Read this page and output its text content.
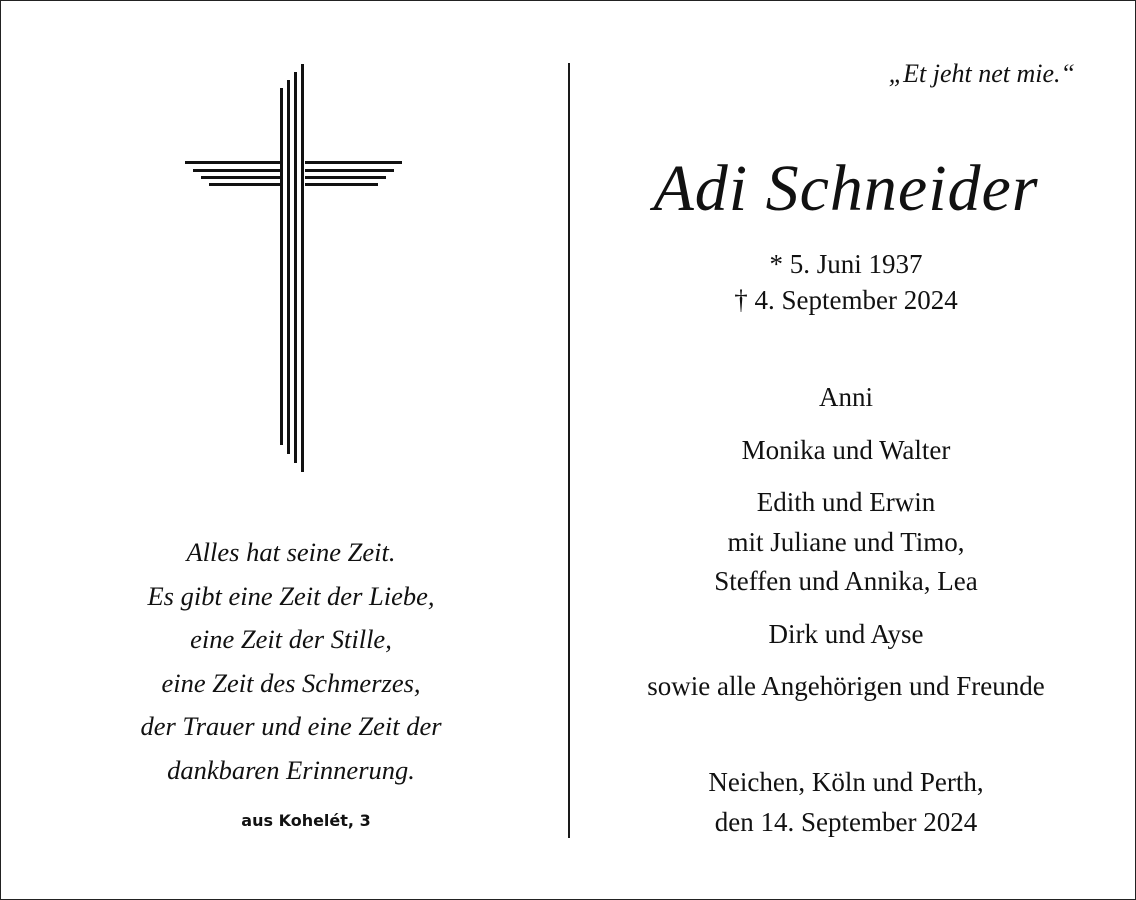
Alles hat seine Zeit.
Es gibt eine Zeit der Liebe,
eine Zeit der Stille,
eine Zeit des Schmerzes,
der Trauer und eine Zeit der
dankbaren Erinnerung.

aus Kohelét, 3
„Et jeht net mie.“
Adi Schneider
* 5. Juni 1937
† 4. September 2024
Anni
Monika und Walter
Edith und Erwin
mit Juliane und Timo,
Steffen und Annika, Lea
Dirk und Ayse
sowie alle Angehörigen und Freunde
Neichen, Köln und Perth,
den 14. September 2024
